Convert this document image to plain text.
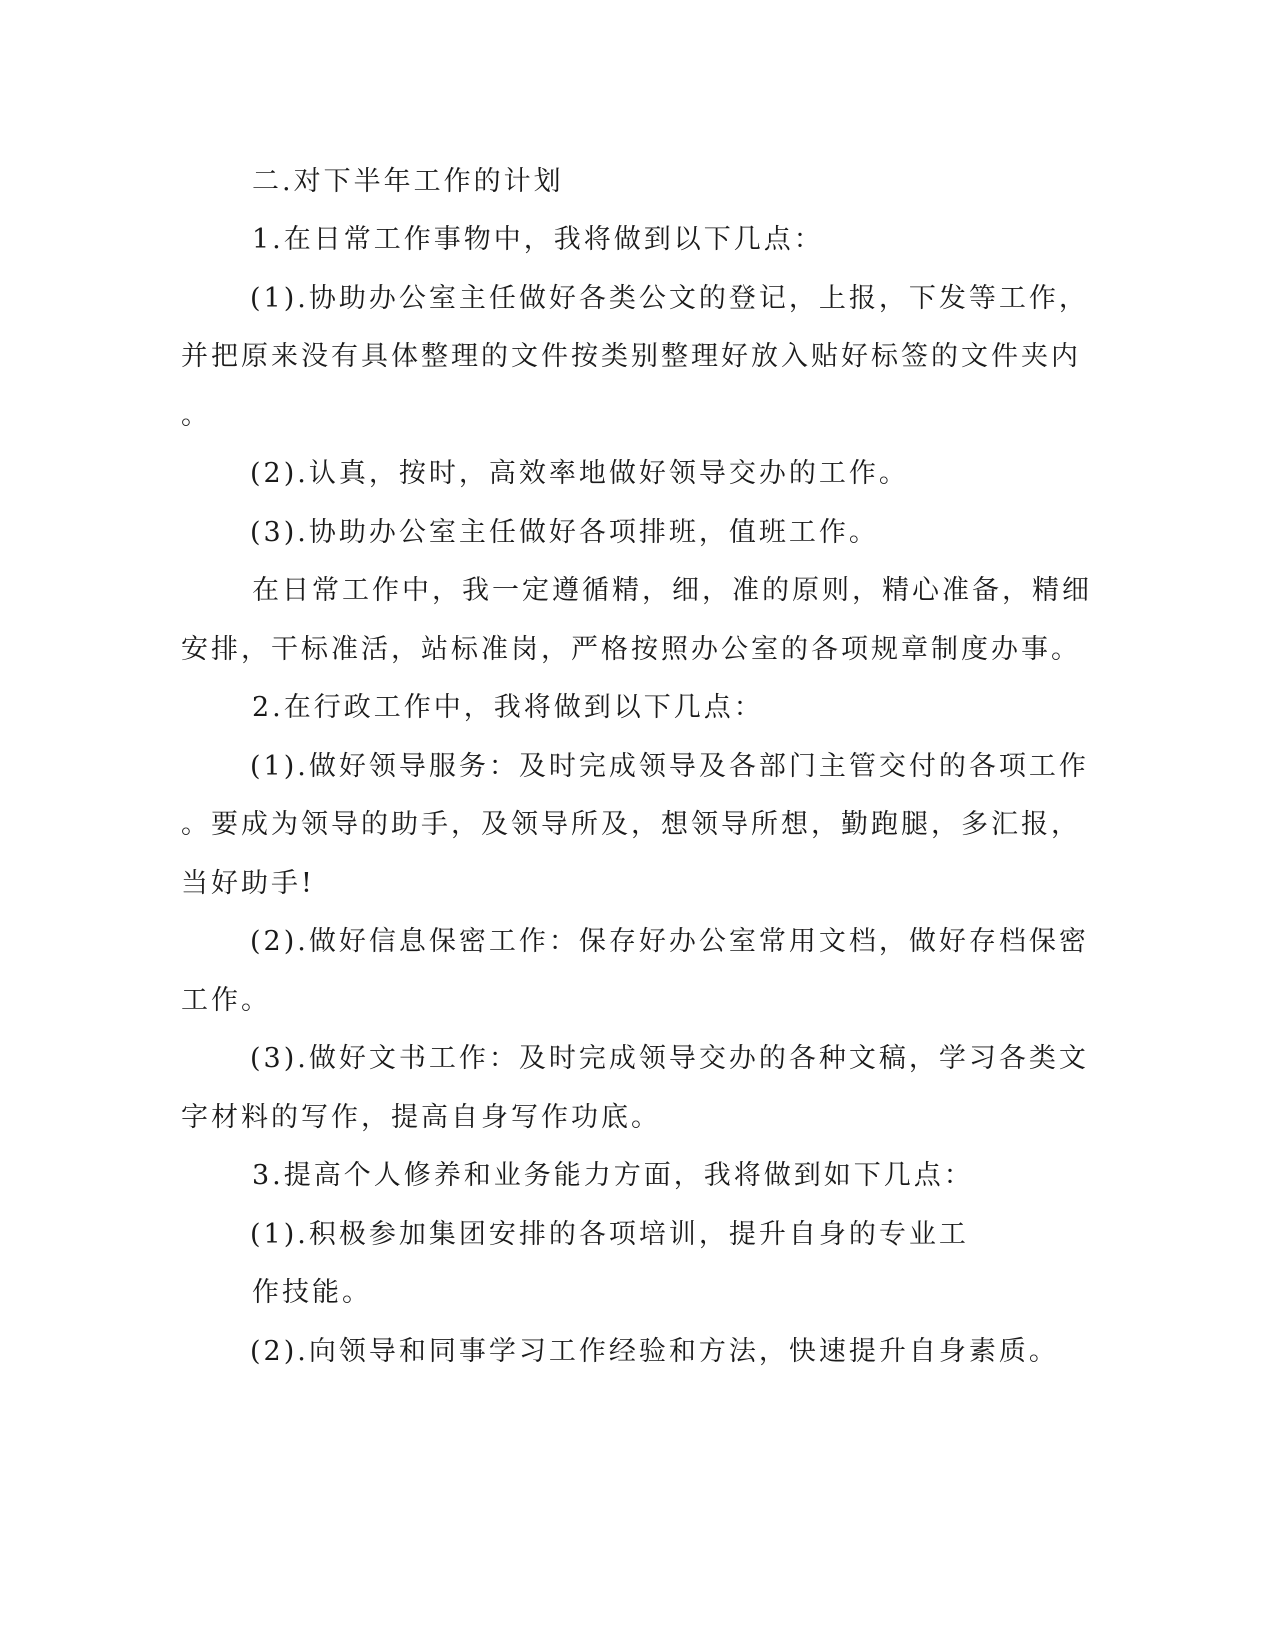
二.对下半年工作的计划

1.在日常工作事物中，我将做到以下几点：

(1).协助办公室主任做好各类公文的登记，上报，下发等工作，

并把原来没有具体整理的文件按类别整理好放入贴好标签的文件夹内

。

(2).认真，按时，高效率地做好领导交办的工作。

(3).协助办公室主任做好各项排班，值班工作。

在日常工作中，我一定遵循精，细，准的原则，精心准备，精细

安排，干标准活，站标准岗，严格按照办公室的各项规章制度办事。

2.在行政工作中，我将做到以下几点：

(1).做好领导服务：及时完成领导及各部门主管交付的各项工作

。要成为领导的助手，及领导所及，想领导所想，勤跑腿，多汇报，

当好助手!

(2).做好信息保密工作：保存好办公室常用文档，做好存档保密

工作。

(3).做好文书工作：及时完成领导交办的各种文稿，学习各类文

字材料的写作，提高自身写作功底。

3.提高个人修养和业务能力方面，我将做到如下几点：

(1).积极参加集团安排的各项培训，提升自身的专业工

作技能。

(2).向领导和同事学习工作经验和方法，快速提升自身素质。
